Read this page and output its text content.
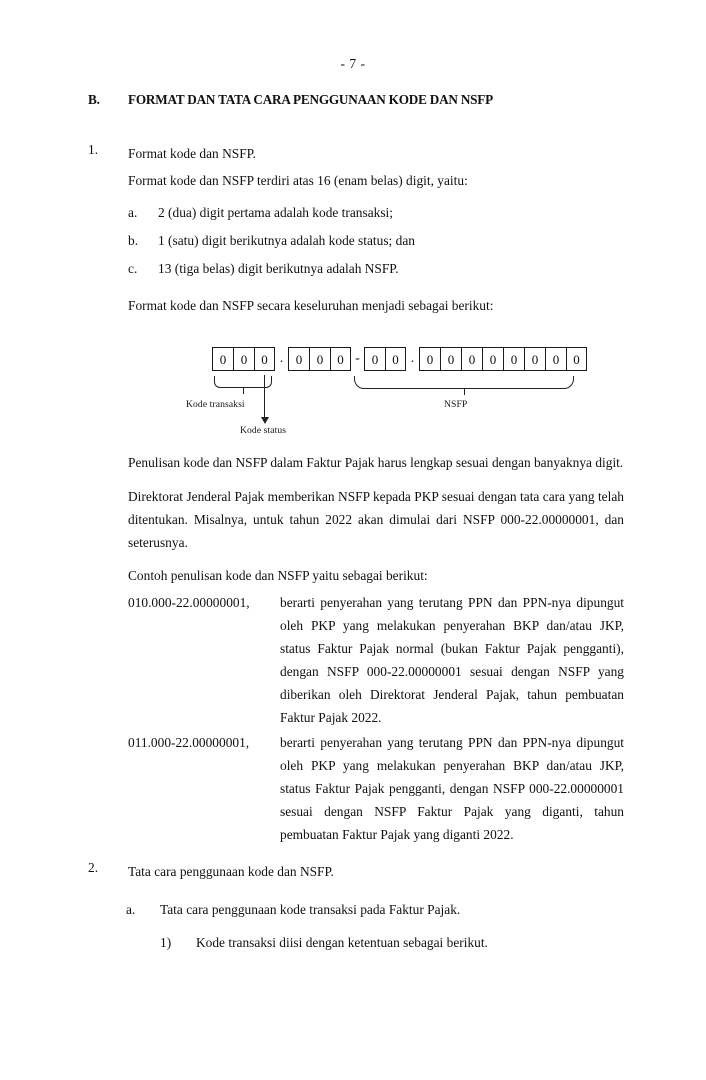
- 7 -
B.	FORMAT DAN TATA CARA PENGGUNAAN KODE DAN NSFP
1.	Format kode dan NSFP.

Format kode dan NSFP terdiri atas 16 (enam belas) digit, yaitu:

a.	2 (dua) digit pertama adalah kode transaksi;
b.	1 (satu) digit berikutnya adalah kode status; dan
c.	13 (tiga belas) digit berikutnya adalah NSFP.

Format kode dan NSFP secara keseluruhan menjadi sebagai berikut:

0	0	0 . 0	0	0 - 0	0 . 0	0	0	0	0	0	0	0
Kode transaksi
Kode status
NSFP

Penulisan kode dan NSFP dalam Faktur Pajak harus lengkap sesuai dengan banyaknya digit.

Direktorat Jenderal Pajak memberikan NSFP kepada PKP sesuai dengan tata cara yang telah ditentukan. Misalnya, untuk tahun 2022 akan dimulai dari NSFP 000-22.00000001, dan seterusnya.

Contoh penulisan kode dan NSFP yaitu sebagai berikut:

010.000-22.00000001,	berarti penyerahan yang terutang PPN dan PPN-nya dipungut oleh PKP yang melakukan penyerahan BKP dan/atau JKP, status Faktur Pajak normal (bukan Faktur Pajak pengganti), dengan NSFP 000-22.00000001 sesuai dengan NSFP yang diberikan oleh Direktorat Jenderal Pajak, tahun pembuatan Faktur Pajak 2022.
011.000-22.00000001,	berarti penyerahan yang terutang PPN dan PPN-nya dipungut oleh PKP yang melakukan penyerahan BKP dan/atau JKP, status Faktur Pajak pengganti, dengan NSFP 000-22.00000001 sesuai dengan NSFP Faktur Pajak yang diganti, tahun pembuatan Faktur Pajak yang diganti 2022.
2.	Tata cara penggunaan kode dan NSFP.

a.	Tata cara penggunaan kode transaksi pada Faktur Pajak.
1)	Kode transaksi diisi dengan ketentuan sebagai berikut.
